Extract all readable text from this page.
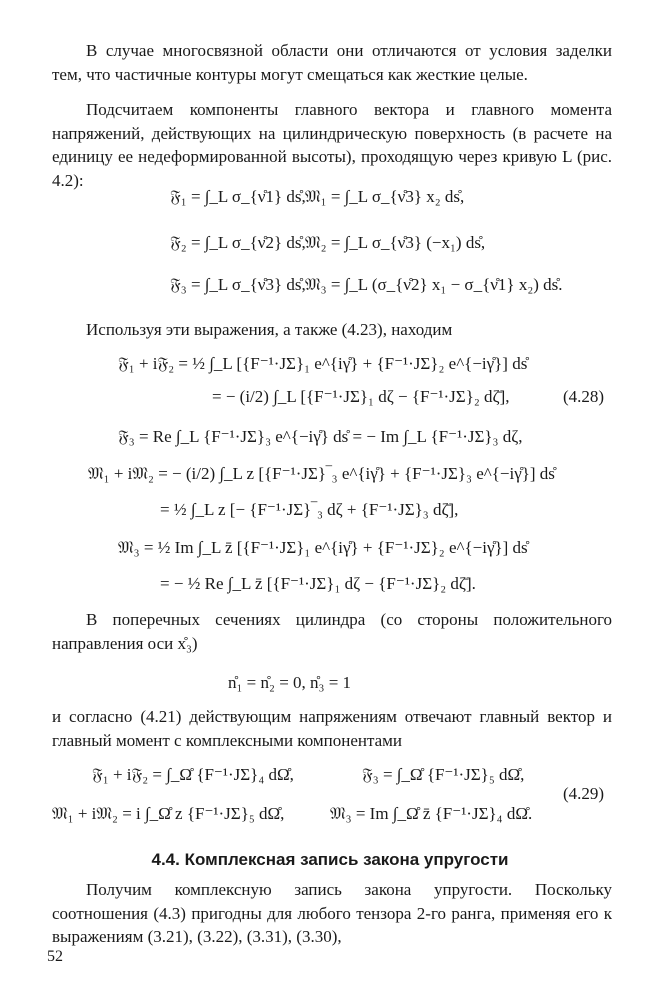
В случае многосвязной области они отличаются от условия заделки тем, что частичные контуры могут смещаться как жесткие целые.

Подсчитаем компоненты главного вектора и главного момента напряжений, действующих на цилиндрическую поверхность (в расчете на единицу ее недеформированной высоты), проходящую через кривую L (рис. 4.2):

𝔉₁ = ∫_L σ_{ν̊1} ds̊, 𝔐₁ = ∫_L σ_{ν̊3} x₂ ds̊,
𝔉₂ = ∫_L σ_{ν̊2} ds̊, 𝔐₂ = ∫_L σ_{ν̊3} (−x₁) ds̊,
𝔉₃ = ∫_L σ_{ν̊3} ds̊, 𝔐₃ = ∫_L (σ_{ν̊2} x₁ − σ_{ν̊1} x₂) ds̊.

Используя эти выражения, а также (4.23), находим

𝔉₁ + i𝔉₂ = ½ ∫_L [{F⁻¹·JΣ}₁ e^{iγ̊} + {F⁻¹·JΣ}₂ e^{−iγ̊}] ds̊
= − (i/2) ∫_L [{F⁻¹·JΣ}₁ dζ − {F⁻¹·JΣ}₂ dζ̄],	(4.28)
𝔉₃ = Re ∫_L {F⁻¹·JΣ}₃ e^{−iγ̊} ds̊ = − Im ∫_L {F⁻¹·JΣ}₃ dζ,
𝔐₁ + i𝔐₂ = − (i/2) ∫_L z [{F⁻¹·JΣ}‾₃ e^{iγ̊} + {F⁻¹·JΣ}₃ e^{−iγ̊}] ds̊
= ½ ∫_L z [− {F⁻¹·JΣ}‾₃ dζ + {F⁻¹·JΣ}₃ dζ̄],
𝔐₃ = ½ Im ∫_L z̄ [{F⁻¹·JΣ}₁ e^{iγ̊} + {F⁻¹·JΣ}₂ e^{−iγ̊}] ds̊
= − ½ Re ∫_L z̄ [{F⁻¹·JΣ}₁ dζ − {F⁻¹·JΣ}₂ dζ̄].

В поперечных сечениях цилиндра (со стороны положительного направления оси x̊₃)

n̊₁ = n̊₂ = 0, n̊₃ = 1

и согласно (4.21) действующим напряжениям отвечают главный вектор и главный момент с комплексными компонентами

𝔉₁ + i𝔉₂ = ∫_Ω̊ {F⁻¹·JΣ}₄ dΩ̊,	𝔉₃ = ∫_Ω̊ {F⁻¹·JΣ}₅ dΩ̊,
(4.29)
𝔐₁ + i𝔐₂ = i ∫_Ω̊ z {F⁻¹·JΣ}₅ dΩ̊,	𝔐₃ = Im ∫_Ω̊ z̄ {F⁻¹·JΣ}₄ dΩ̊.
4.4. Комплексная запись закона упругости

Получим комплексную запись закона упругости. Поскольку соотношения (4.3) пригодны для любого тензора 2-го ранга, применяя его к выражениям (3.21), (3.22), (3.31), (3.30),

52
